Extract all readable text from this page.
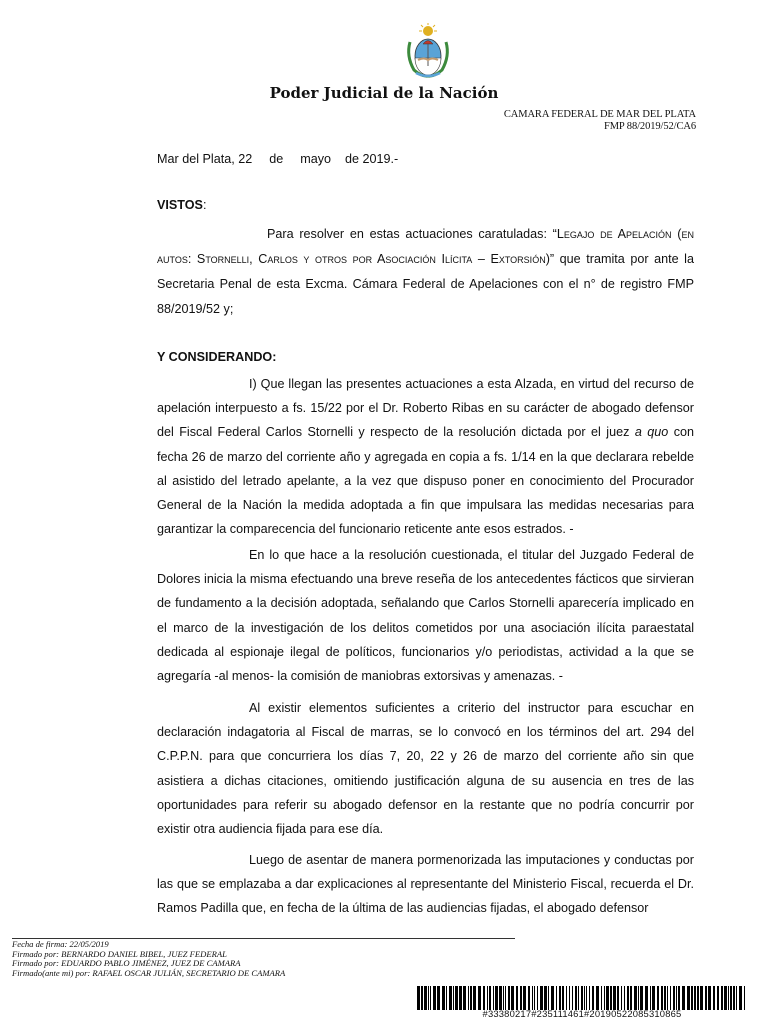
Poder Judicial de la Nación
CAMARA FEDERAL DE MAR DEL PLATA
FMP 88/2019/52/CA6
Mar del Plata, 22 de mayo de 2019.-
VISTOS:

Para resolver en estas actuaciones caratuladas: “Legajo de Apelación (en autos: Stornelli, Carlos y otros por Asociación Ilícita – Extorsión)” que tramita por ante la Secretaria Penal de esta Excma. Cámara Federal de Apelaciones con el n° de registro FMP 88/2019/52 y;

Y CONSIDERANDO:

I) Que llegan las presentes actuaciones a esta Alzada, en virtud del recurso de apelación interpuesto a fs. 15/22 por el Dr. Roberto Ribas en su carácter de abogado defensor del Fiscal Federal Carlos Stornelli y respecto de la resolución dictada por el juez a quo con fecha 26 de marzo del corriente año y agregada en copia a fs. 1/14 en la que declarara rebelde al asistido del letrado apelante, a la vez que dispuso poner en conocimiento del Procurador General de la Nación la medida adoptada a fin que impulsara las medidas necesarias para garantizar la comparecencia del funcionario reticente ante esos estrados. -

En lo que hace a la resolución cuestionada, el titular del Juzgado Federal de Dolores inicia la misma efectuando una breve reseña de los antecedentes fácticos que sirvieran de fundamento a la decisión adoptada, señalando que Carlos Stornelli aparecería implicado en el marco de la investigación de los delitos cometidos por una asociación ilícita paraestatal dedicada al espionaje ilegal de políticos, funcionarios y/o periodistas, actividad a la que se agregaría -al menos- la comisión de maniobras extorsivas y amenazas. -

Al existir elementos suficientes a criterio del instructor para escuchar en declaración indagatoria al Fiscal de marras, se lo convocó en los términos del art. 294 del C.P.P.N. para que concurriera los días 7, 20, 22 y 26 de marzo del corriente año sin que asistiera a dichas citaciones, omitiendo justificación alguna de su ausencia en tres de las oportunidades para referir su abogado defensor en la restante que no podría concurrir por existir otra audiencia fijada para ese día.

Luego de asentar de manera pormenorizada las imputaciones y conductas por las que se emplazaba a dar explicaciones al representante del Ministerio Fiscal, recuerda el Dr. Ramos Padilla que, en fecha de la última de las audiencias fijadas, el abogado defensor

Fecha de firma: 22/05/2019
Firmado por: BERNARDO DANIEL BIBEL, JUEZ FEDERAL
Firmado por: EDUARDO PABLO JIMÉNEZ, JUEZ DE CAMARA
Firmado(ante mi) por: RAFAEL OSCAR JULIÁN, SECRETARIO DE CAMARA
#33380217#235111461#20190522085310865
